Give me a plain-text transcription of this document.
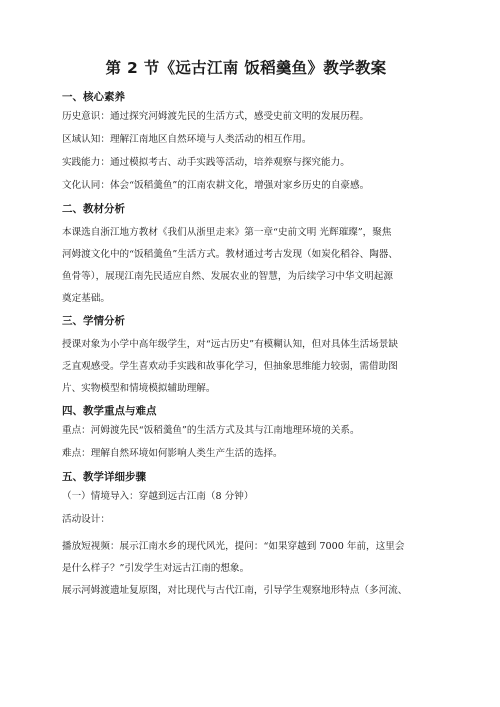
第 2 节《远古江南 饭稻羹鱼》教学教案
一、核心素养
历史意识：通过探究河姆渡先民的生活方式，感受史前文明的发展历程。
区域认知：理解江南地区自然环境与人类活动的相互作用。
实践能力：通过模拟考古、动手实践等活动，培养观察与探究能力。
文化认同：体会“饭稻羹鱼”的江南农耕文化，增强对家乡历史的自豪感。
二、教材分析
本课选自浙江地方教材《我们从浙里走来》第一章“史前文明 光辉璀璨”，聚焦
河姆渡文化中的“饭稻羹鱼”生活方式。教材通过考古发现（如炭化稻谷、陶器、
鱼骨等），展现江南先民适应自然、发展农业的智慧，为后续学习中华文明起源
奠定基础。
三、学情分析
授课对象为小学中高年级学生，对“远古历史”有模糊认知，但对具体生活场景缺
乏直观感受。学生喜欢动手实践和故事化学习，但抽象思维能力较弱，需借助图
片、实物模型和情境模拟辅助理解。
四、教学重点与难点
重点：河姆渡先民“饭稻羹鱼”的生活方式及其与江南地理环境的关系。
难点：理解自然环境如何影响人类生产生活的选择。
五、教学详细步骤
（一）情境导入：穿越到远古江南（8 分钟）
活动设计：
播放短视频：展示江南水乡的现代风光，提问：“如果穿越到 7000 年前，这里会
是什么样子？”引发学生对远古江南的想象。
展示河姆渡遗址复原图，对比现代与古代江南，引导学生观察地形特点（多河流、
